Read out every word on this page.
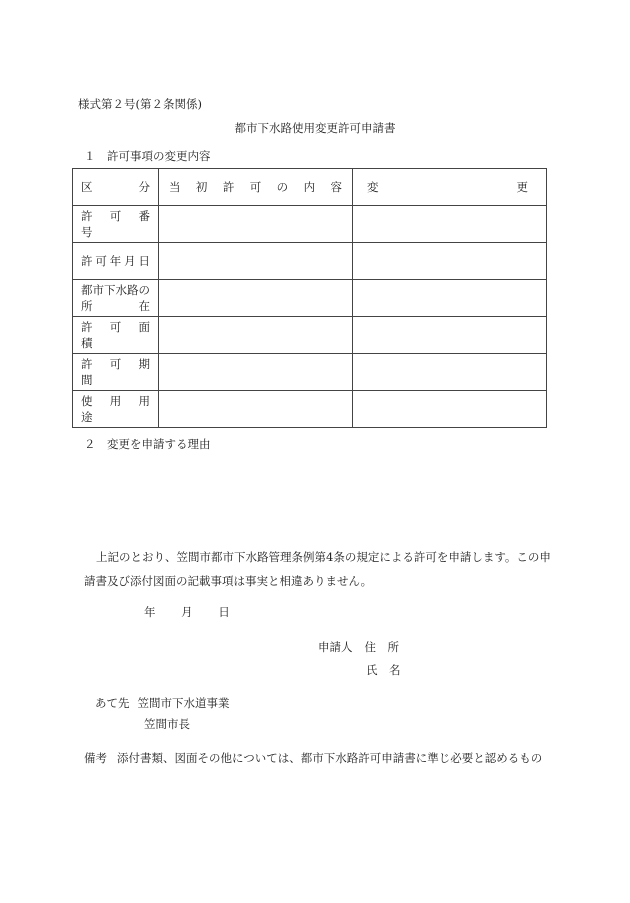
様式第２号(第２条関係)
都市下水路使用変更許可申請書
１　許可事項の変更内容
区　　　分	当　初　許　可　の　内　容	変　　　　　　　　　　更

許　可　番　号		

許可年月日		

都市下水路の
所　　　　在		

許　可　面　積		

許　可　期　間		

使　用　用　途		

２　変更を申請する理由
上記のとおり、笠間市都市下水路管理条例第4条の規定による許可を申請します。この申請書及び添付図面の記載事項は事実と相違ありません。
年 月 日
申請人 住　所
氏　名
あて先 笠間市下水道事業
笠間市長
備考 添付書類、図面その他については、都市下水路許可申請書に準じ必要と認めるもの
